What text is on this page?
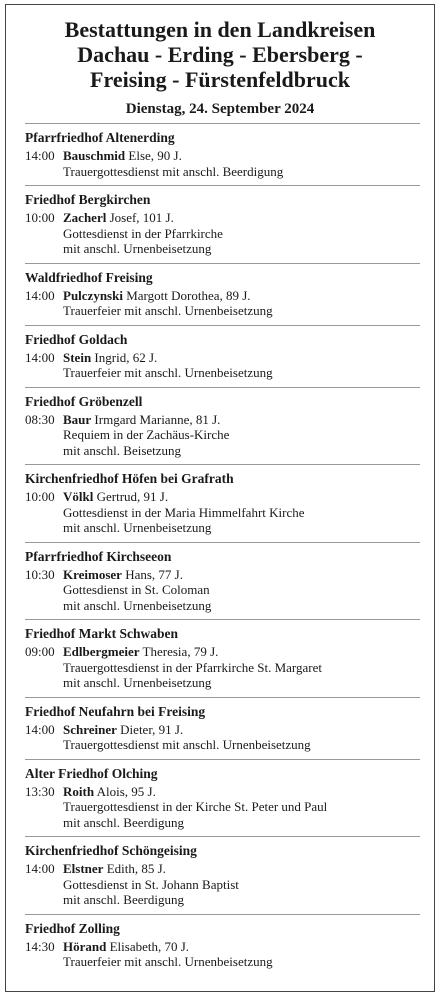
Bestattungen in den Landkreisen
Dachau - Erding - Ebersberg -
Freising - Fürstenfeldbruck
Dienstag, 24. September 2024
Pfarrfriedhof Altenerding
14:00 Bauschmid Else, 90 J.
Trauergottesdienst mit anschl. Beerdigung
Friedhof Bergkirchen
10:00 Zacherl Josef, 101 J.
Gottesdienst in der Pfarrkirche
mit anschl. Urnenbeisetzung
Waldfriedhof Freising
14:00 Pulczynski Margott Dorothea, 89 J.
Trauerfeier mit anschl. Urnenbeisetzung
Friedhof Goldach
14:00 Stein Ingrid, 62 J.
Trauerfeier mit anschl. Urnenbeisetzung
Friedhof Gröbenzell
08:30 Baur Irmgard Marianne, 81 J.
Requiem in der Zachäus-Kirche
mit anschl. Beisetzung
Kirchenfriedhof Höfen bei Grafrath
10:00 Völkl Gertrud, 91 J.
Gottesdienst in der Maria Himmelfahrt Kirche
mit anschl. Urnenbeisetzung
Pfarrfriedhof Kirchseeon
10:30 Kreimoser Hans, 77 J.
Gottesdienst in St. Coloman
mit anschl. Urnenbeisetzung
Friedhof Markt Schwaben
09:00 Edlbergmeier Theresia, 79 J.
Trauergottesdienst in der Pfarrkirche St. Margaret
mit anschl. Urnenbeisetzung
Friedhof Neufahrn bei Freising
14:00 Schreiner Dieter, 91 J.
Trauergottesdienst mit anschl. Urnenbeisetzung
Alter Friedhof Olching
13:30 Roith Alois, 95 J.
Trauergottesdienst in der Kirche St. Peter und Paul
mit anschl. Beerdigung
Kirchenfriedhof Schöngeising
14:00 Elstner Edith, 85 J.
Gottesdienst in St. Johann Baptist
mit anschl. Beerdigung
Friedhof Zolling
14:30 Hörand Elisabeth, 70 J.
Trauerfeier mit anschl. Urnenbeisetzung
